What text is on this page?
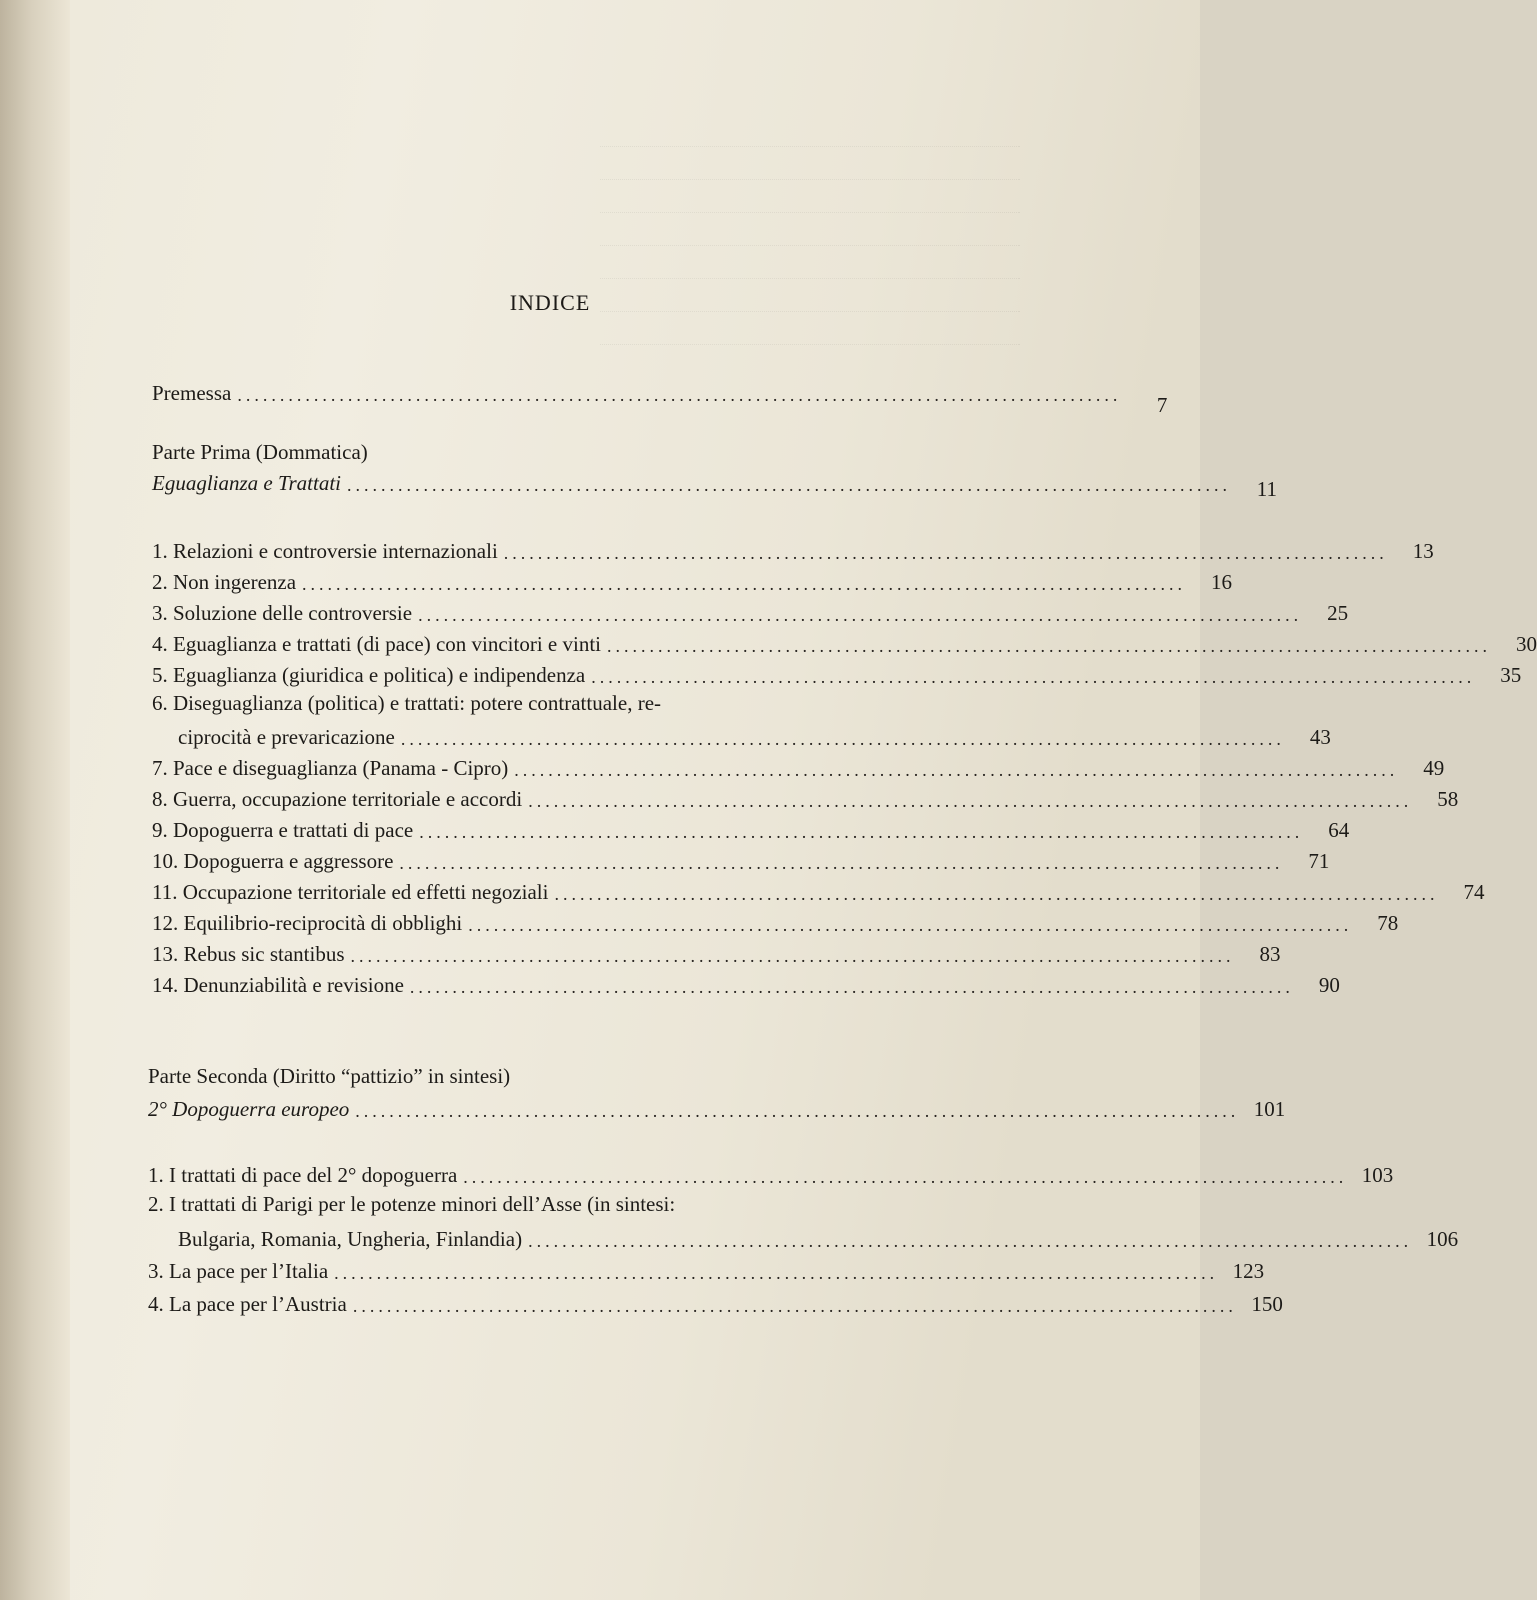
INDICE
Premessa ........................................................................................................	7
Parte Prima (Dommatica)
Eguaglianza e Trattati ........................................................................................................	11
1. Relazioni e controversie internazionali ........................................................................................................	13
2. Non ingerenza ........................................................................................................	16
3. Soluzione delle controversie ........................................................................................................	25
4. Eguaglianza e trattati (di pace) con vincitori e vinti ........................................................................................................	30
5. Eguaglianza (giuridica e politica) e indipendenza ........................................................................................................	35
6. Diseguaglianza (politica) e trattati: potere contrattuale, re-
ciprocità e prevaricazione ........................................................................................................	43
7. Pace e diseguaglianza (Panama - Cipro) ........................................................................................................	49
8. Guerra, occupazione territoriale e accordi ........................................................................................................	58
9. Dopoguerra e trattati di pace ........................................................................................................	64
10. Dopoguerra e aggressore ........................................................................................................	71
11. Occupazione territoriale ed effetti negoziali ........................................................................................................	74
12. Equilibrio-reciprocità di obblighi ........................................................................................................	78
13. Rebus sic stantibus ........................................................................................................	83
14. Denunziabilità e revisione ........................................................................................................	90
Parte Seconda (Diritto “pattizio” in sintesi)
2° Dopoguerra europeo ........................................................................................................ 101
1. I trattati di pace del 2° dopoguerra ........................................................................................................ 103
2. I trattati di Parigi per le potenze minori dell’Asse (in sintesi:
Bulgaria, Romania, Ungheria, Finlandia) ........................................................................................................ 106
3. La pace per l’Italia ........................................................................................................ 123
4. La pace per l’Austria ........................................................................................................ 150
